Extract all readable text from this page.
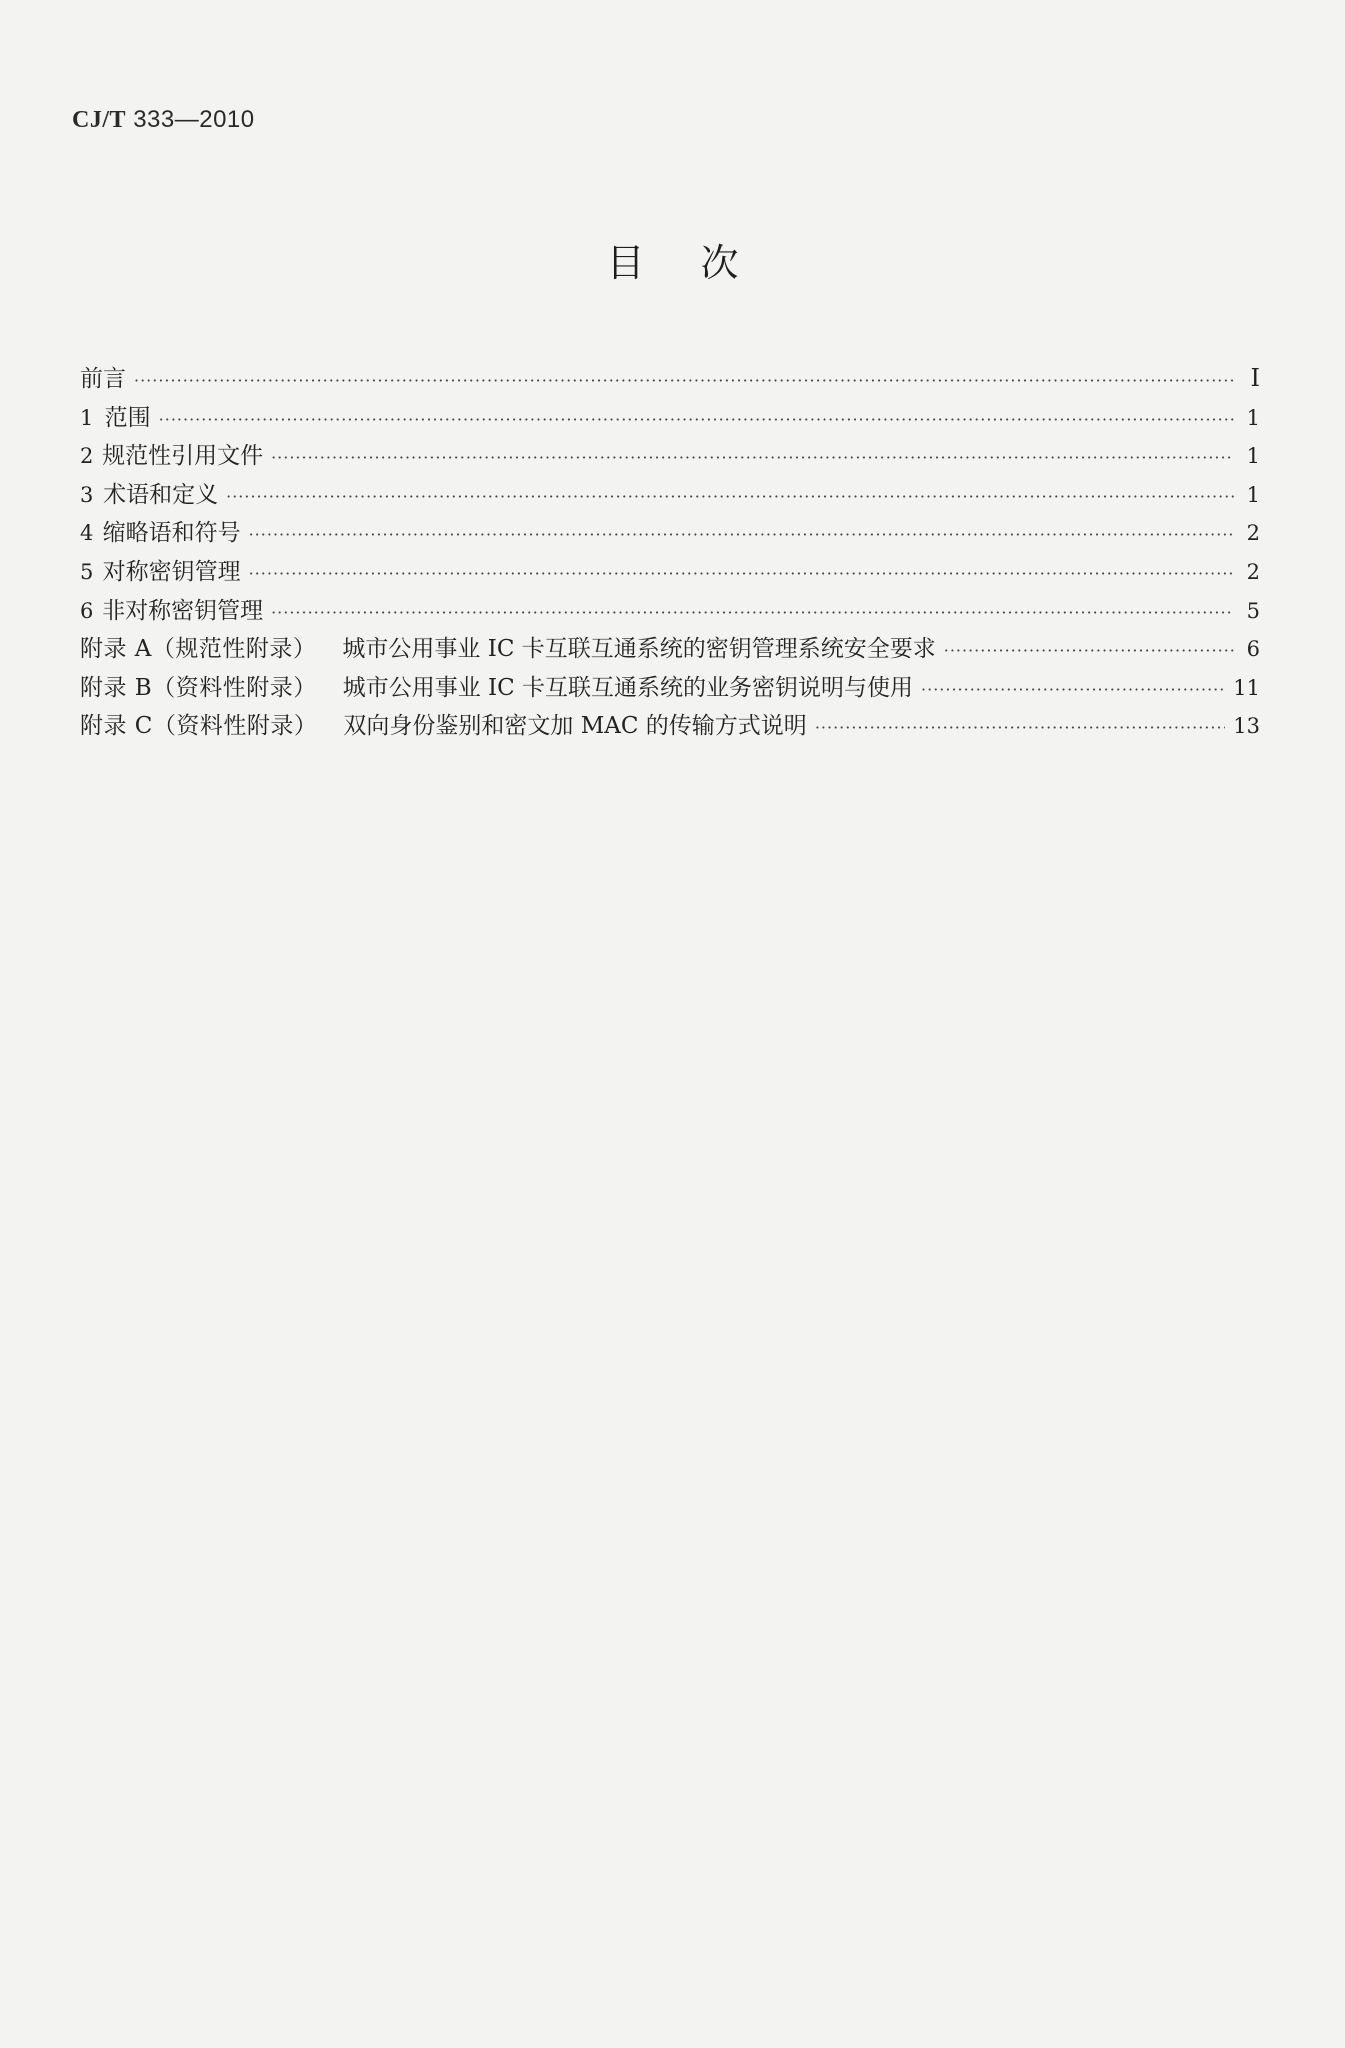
CJ/T 333—2010
目次
前言 ·····	I
1 范围 ·····	1
2 规范性引用文件 ·····	1
3 术语和定义 ·····	1
4 缩略语和符号 ·····	2
5 对称密钥管理 ·····	2
6 非对称密钥管理 ·····	5
附录 A（规范性附录） 城市公用事业 IC 卡互联互通系统的密钥管理系统安全要求 ·····	6
附录 B（资料性附录） 城市公用事业 IC 卡互联互通系统的业务密钥说明与使用 ·····	11
附录 C（资料性附录） 双向身份鉴别和密文加 MAC 的传输方式说明 ·····	13
